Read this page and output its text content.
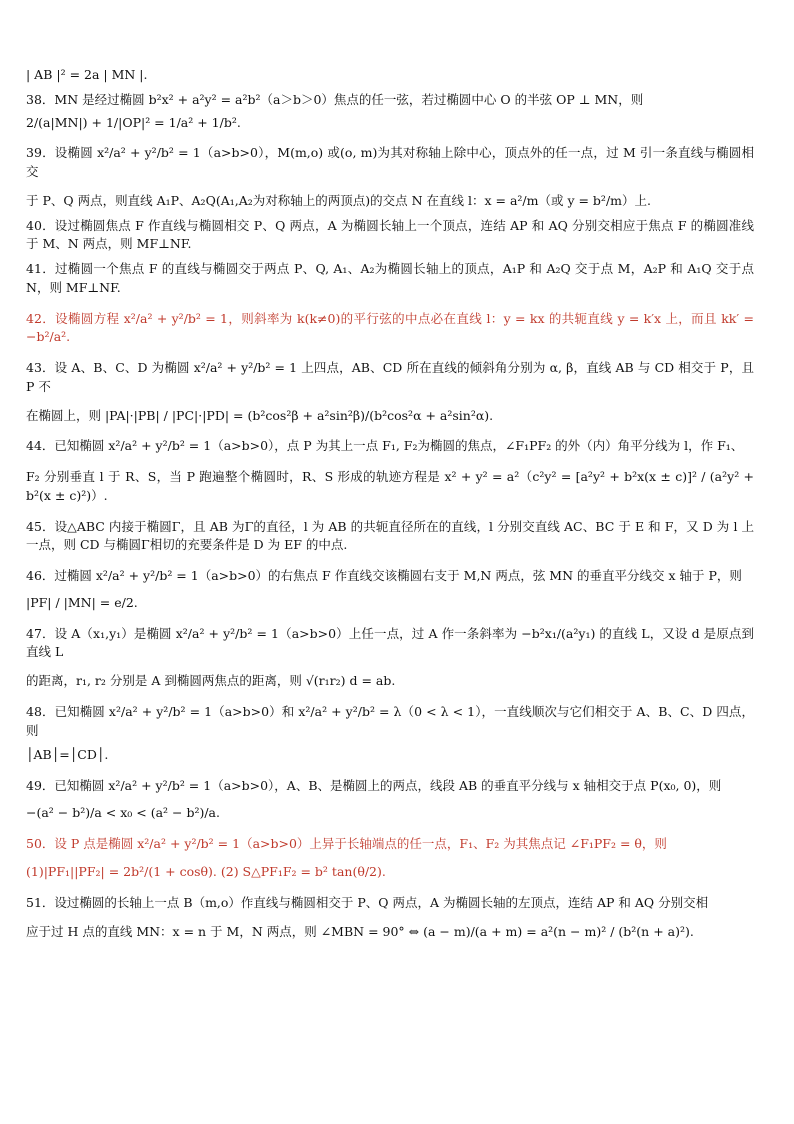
| AB |² = 2a | MN |.

38．MN 是经过椭圆 b²x² + a²y² = a²b²（a＞b＞0）焦点的任一弦，若过椭圆中心 O 的半弦 OP ⊥ MN，则
2/(a|MN|) + 1/|OP|² = 1/a² + 1/b².
39．设椭圆 x²/a² + y²/b² = 1（a>b>0），M(m,o) 或(o, m)为其对称轴上除中心，顶点外的任一点，过 M 引一条直线与椭圆相交
于 P、Q 两点，则直线 A₁P、A₂Q(A₁,A₂为对称轴上的两顶点)的交点 N 在直线 l：x = a²/m（或 y = b²/m）上.
40．设过椭圆焦点 F 作直线与椭圆相交 P、Q 两点，A 为椭圆长轴上一个顶点，连结 AP 和 AQ 分别交相应于焦点 F 的椭圆准线于 M、N 两点，则 MF⊥NF.
41．过椭圆一个焦点 F 的直线与椭圆交于两点 P、Q, A₁、A₂为椭圆长轴上的顶点，A₁P 和 A₂Q 交于点 M，A₂P 和 A₁Q 交于点 N，则 MF⊥NF.
42．设椭圆方程 x²/a² + y²/b² = 1，则斜率为 k(k≠0)的平行弦的中点必在直线 l：y = kx 的共轭直线 y = k′x 上，而且 kk′ = −b²/a².
43．设 A、B、C、D 为椭圆 x²/a² + y²/b² = 1 上四点，AB、CD 所在直线的倾斜角分别为 α, β，直线 AB 与 CD 相交于 P，且 P 不
在椭圆上，则 |PA|·|PB| / |PC|·|PD| = (b²cos²β + a²sin²β)/(b²cos²α + a²sin²α).
44．已知椭圆 x²/a² + y²/b² = 1（a>b>0），点 P 为其上一点 F₁, F₂为椭圆的焦点，∠F₁PF₂ 的外（内）角平分线为 l，作 F₁、
F₂ 分别垂直 l 于 R、S，当 P 跑遍整个椭圆时，R、S 形成的轨迹方程是 x² + y² = a²（c²y² = [a²y² + b²x(x ± c)]² / (a²y² + b²(x ± c)²)）.
45．设△ABC 内接于椭圆Γ，且 AB 为Γ的直径，l 为 AB 的共轭直径所在的直线，l 分别交直线 AC、BC 于 E 和 F，又 D 为 l 上一点，则 CD 与椭圆Γ相切的充要条件是 D 为 EF 的中点.
46．过椭圆 x²/a² + y²/b² = 1（a>b>0）的右焦点 F 作直线交该椭圆右支于 M,N 两点，弦 MN 的垂直平分线交 x 轴于 P，则
|PF| / |MN| = e/2.
47．设 A（x₁,y₁）是椭圆 x²/a² + y²/b² = 1（a>b>0）上任一点，过 A 作一条斜率为 −b²x₁/(a²y₁) 的直线 L，又设 d 是原点到直线 L
的距离，r₁, r₂ 分别是 A 到椭圆两焦点的距离，则 √(r₁r₂) d = ab.
48．已知椭圆 x²/a² + y²/b² = 1（a>b>0）和 x²/a² + y²/b² = λ（0 < λ < 1），一直线顺次与它们相交于 A、B、C、D 四点，则
│AB│=│CD│.
49．已知椭圆 x²/a² + y²/b² = 1（a>b>0），A、B、是椭圆上的两点，线段 AB 的垂直平分线与 x 轴相交于点 P(x₀, 0)，则
−(a² − b²)/a < x₀ < (a² − b²)/a.
50．设 P 点是椭圆 x²/a² + y²/b² = 1（a>b>0）上异于长轴端点的任一点，F₁、F₂ 为其焦点记 ∠F₁PF₂ = θ，则
(1)|PF₁||PF₂| = 2b²/(1 + cosθ). (2) S△PF₁F₂ = b² tan(θ/2).
51．设过椭圆的长轴上一点 B（m,o）作直线与椭圆相交于 P、Q 两点，A 为椭圆长轴的左顶点，连结 AP 和 AQ 分别交相
应于过 H 点的直线 MN：x = n 于 M，N 两点，则 ∠MBN = 90° ⇔ (a − m)/(a + m) = a²(n − m)² / (b²(n + a)²).
